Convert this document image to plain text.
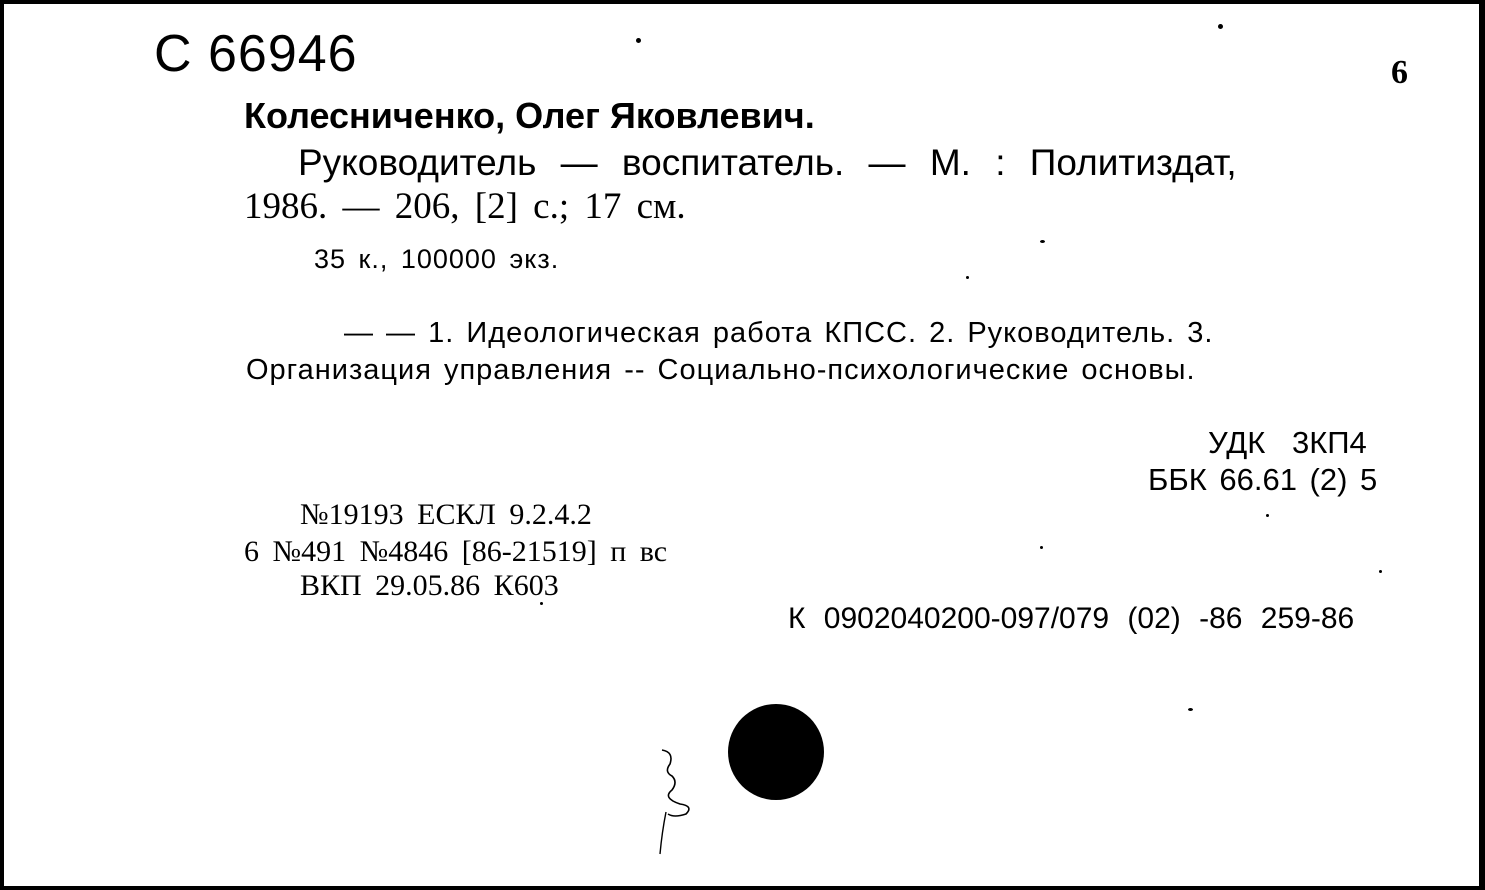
С 66946	6
Колесниченко, Олег Яковлевич.
Руководитель — воспитатель. — М. : Политиздат,
1986. — 206, [2] с.; 17 см.
35 к., 100000 экз.
— — 1. Идеологическая работа КПСС. 2. Руководитель. 3.
Организация управления -- Социально-психологические основы.
УДК 3КП4
ББК 66.61 (2) 5
№19193 ЕСКЛ 9.2.4.2
6 №491 №4846 [86-21519] п вс
ВКП 29.05.86 К603
К 0902040200-097/079 (02) -86 259-86
